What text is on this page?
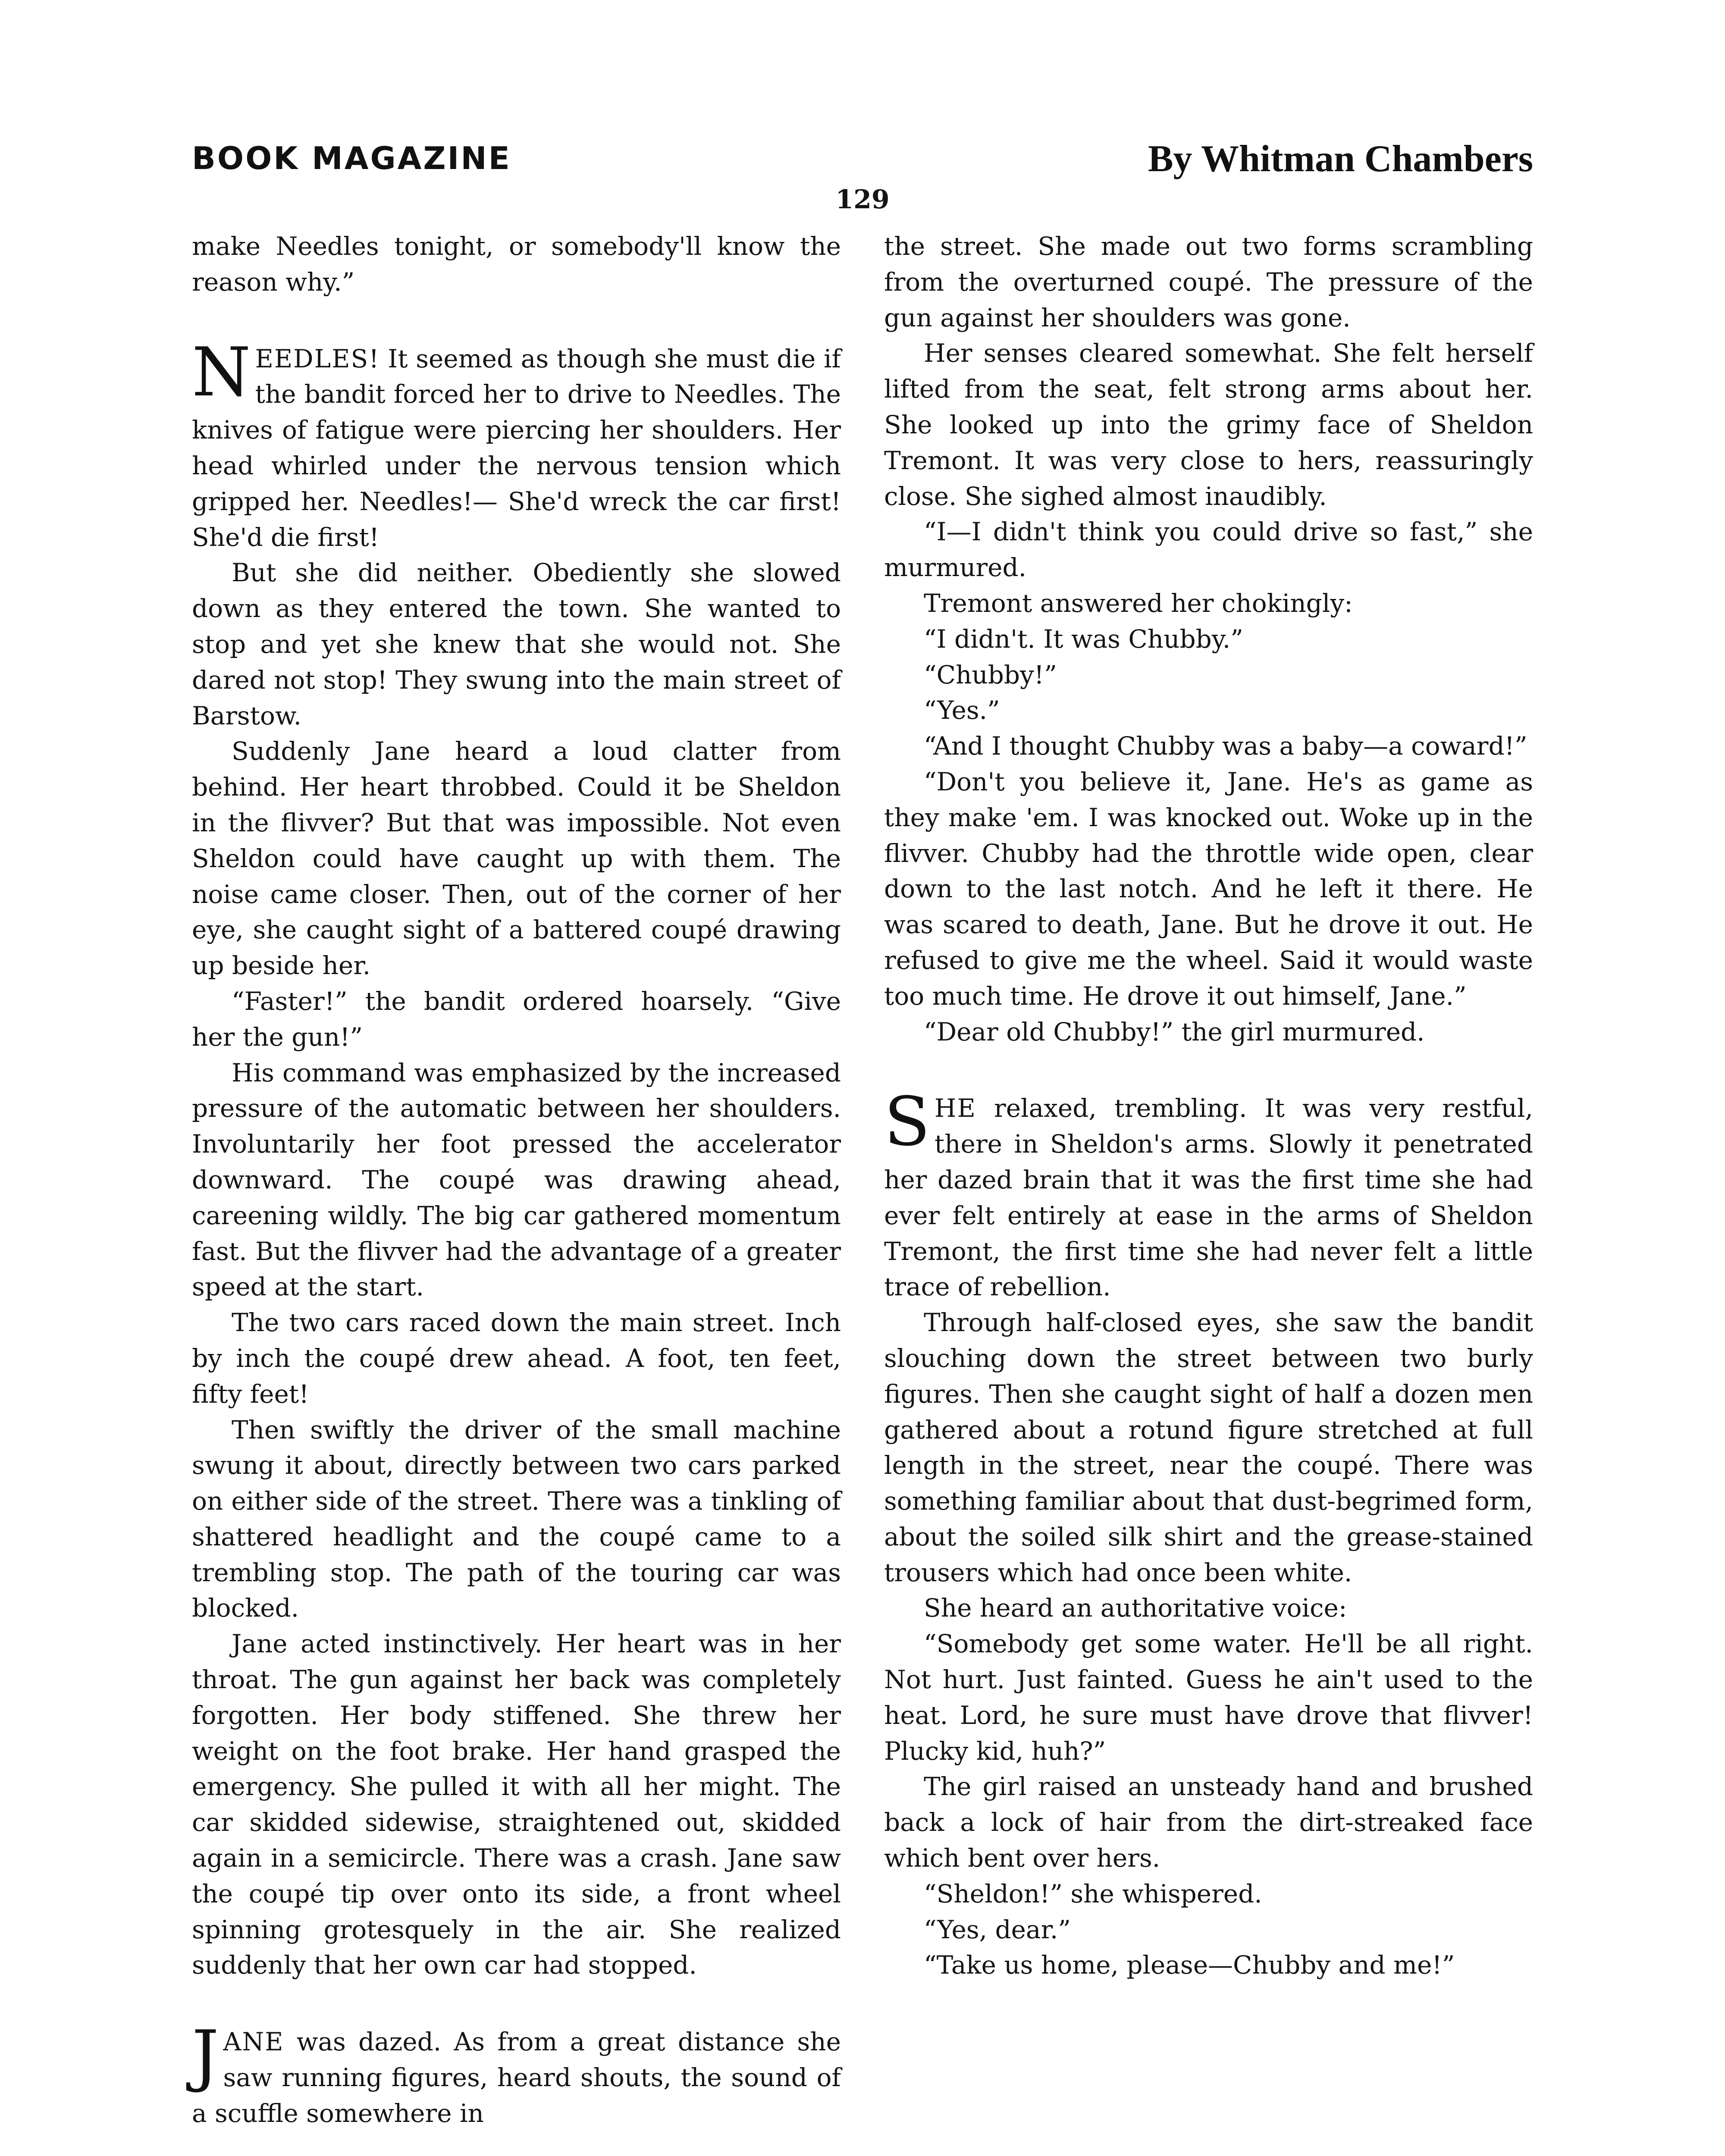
BOOK MAGAZINE	By Whitman Chambers
129

make Needles tonight, or somebody'll know the reason why.”

NEEDLES! It seemed as though she must die if the bandit forced her to drive to Needles. The knives of fatigue were piercing her shoulders. Her head whirled under the nervous tension which gripped her. Needles!— She'd wreck the car first! She'd die first!

But she did neither. Obediently she slowed down as they entered the town. She wanted to stop and yet she knew that she would not. She dared not stop! They swung into the main street of Barstow.

Suddenly Jane heard a loud clatter from behind. Her heart throbbed. Could it be Sheldon in the flivver? But that was impossible. Not even Sheldon could have caught up with them. The noise came closer. Then, out of the corner of her eye, she caught sight of a battered coupé drawing up beside her.

“Faster!” the bandit ordered hoarsely. “Give her the gun!”

His command was emphasized by the increased pressure of the automatic between her shoulders. Involuntarily her foot pressed the accelerator downward. The coupé was drawing ahead, careening wildly. The big car gathered momentum fast. But the flivver had the advantage of a greater speed at the start.

The two cars raced down the main street. Inch by inch the coupé drew ahead. A foot, ten feet, fifty feet!

Then swiftly the driver of the small machine swung it about, directly between two cars parked on either side of the street. There was a tinkling of shattered headlight and the coupé came to a trembling stop. The path of the touring car was blocked.

Jane acted instinctively. Her heart was in her throat. The gun against her back was completely forgotten. Her body stiffened. She threw her weight on the foot brake. Her hand grasped the emergency. She pulled it with all her might. The car skidded sidewise, straightened out, skidded again in a semicircle. There was a crash. Jane saw the coupé tip over onto its side, a front wheel spinning grotesquely in the air. She realized suddenly that her own car had stopped.

JANE was dazed. As from a great distance she saw running figures, heard shouts, the sound of a scuffle somewhere in

the street. She made out two forms scrambling from the overturned coupé. The pressure of the gun against her shoulders was gone.

Her senses cleared somewhat. She felt herself lifted from the seat, felt strong arms about her. She looked up into the grimy face of Sheldon Tremont. It was very close to hers, reassuringly close. She sighed almost inaudibly.

“I—I didn't think you could drive so fast,” she murmured.

Tremont answered her chokingly:

“I didn't. It was Chubby.”

“Chubby!”

“Yes.”

“And I thought Chubby was a baby—a coward!”

“Don't you believe it, Jane. He's as game as they make 'em. I was knocked out. Woke up in the flivver. Chubby had the throttle wide open, clear down to the last notch. And he left it there. He was scared to death, Jane. But he drove it out. He refused to give me the wheel. Said it would waste too much time. He drove it out himself, Jane.”

“Dear old Chubby!” the girl murmured.

SHE relaxed, trembling. It was very restful, there in Sheldon's arms. Slowly it penetrated her dazed brain that it was the first time she had ever felt entirely at ease in the arms of Sheldon Tremont, the first time she had never felt a little trace of rebellion.

Through half-closed eyes, she saw the bandit slouching down the street between two burly figures. Then she caught sight of half a dozen men gathered about a rotund figure stretched at full length in the street, near the coupé. There was something familiar about that dust-begrimed form, about the soiled silk shirt and the grease-stained trousers which had once been white.

She heard an authoritative voice:

“Somebody get some water. He'll be all right. Not hurt. Just fainted. Guess he ain't used to the heat. Lord, he sure must have drove that flivver! Plucky kid, huh?”

The girl raised an unsteady hand and brushed back a lock of hair from the dirt-streaked face which bent over hers.

“Sheldon!” she whispered.

“Yes, dear.”

“Take us home, please—Chubby and me!”
